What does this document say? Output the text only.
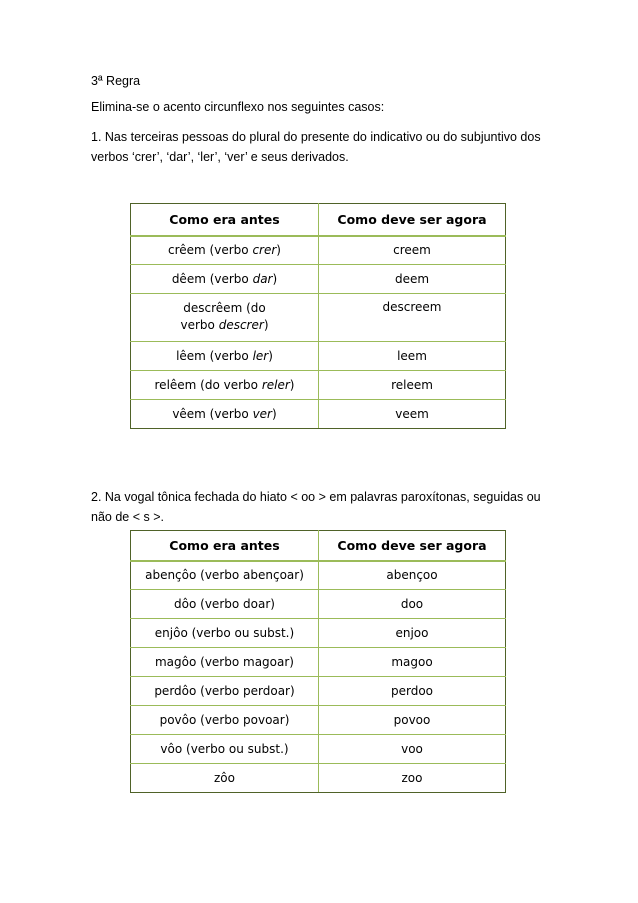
3ª Regra

Elimina-se o acento circunflexo nos seguintes casos:

1. Nas terceiras pessoas do plural do presente do indicativo ou do subjuntivo dos verbos ‘crer’, ‘dar’, ‘ler’, ‘ver’ e seus derivados.

Como era antes	Como deve ser agora
crêem (verbo crer)	creem
dêem (verbo dar)	deem
descrêem (do verbo descrer)	descreem
lêem (verbo ler)	leem
relêem (do verbo reler)	releem
vêem (verbo ver)	veem

2. Na vogal tônica fechada do hiato < oo > em palavras paroxítonas, seguidas ou não de < s >.

Como era antes	Como deve ser agora
abençôo (verbo abençoar)	abençoo
dôo (verbo doar)	doo
enjôo (verbo ou subst.)	enjoo
magôo (verbo magoar)	magoo
perdôo (verbo perdoar)	perdoo
povôo (verbo povoar)	povoo
vôo (verbo ou subst.)	voo
zôo	zoo
